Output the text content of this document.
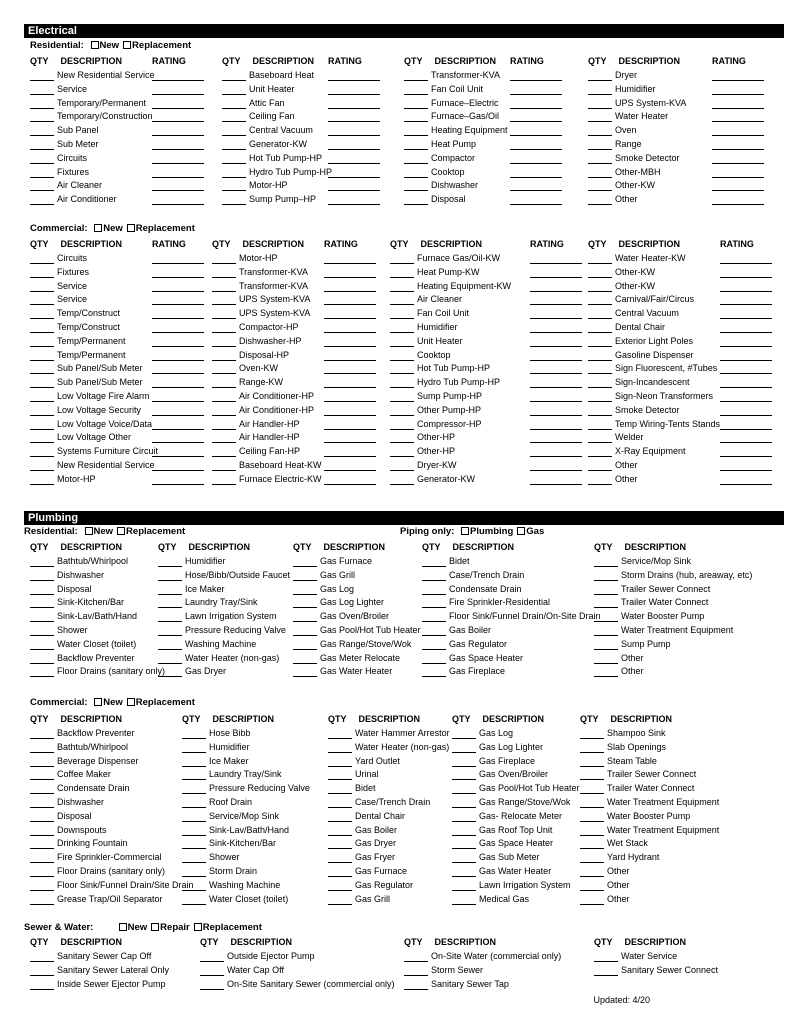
Electrical
Residential: New Replacement
QTY DESCRIPTION	RATING
New Residential Service
Service
Temporary/Permanent
Temporary/Construction
Sub Panel
Sub Meter
Circuits
Fixtures
Air Cleaner
Air Conditioner
QTY DESCRIPTION RATING
Baseboard Heat
Unit Heater
Attic Fan
Ceiling Fan
Central Vacuum
Generator-KW
Hot Tub Pump-HP
Hydro Tub Pump-HP
Motor-HP
Sump Pump–HP
QTY DESCRIPTION RATING
Transformer-KVA
Fan Coil Unit
Furnace–Electric
Furnace–Gas/Oil
Heating Equipment
Heat Pump
Compactor
Cooktop
Dishwasher
Disposal
QTY DESCRIPTION	RATING
Dryer
Humidifier
UPS System-KVA
Water Heater
Oven
Range
Smoke Detector
Other-MBH
Other-KW
Other
Commercial: New Replacement
QTY DESCRIPTION	RATING
Circuits
Fixtures
Service
Service
Temp/Construct
Temp/Construct
Temp/Permanent
Temp/Permanent
Sub Panel/Sub Meter
Sub Panel/Sub Meter
Low Voltage Fire Alarm
Low Voltage Security
Low Voltage Voice/Data
Low Voltage Other
Systems Furniture Circuit
New Residential Service
Motor-HP
QTY DESCRIPTION RATING
Motor-HP
Transformer-KVA
Transformer-KVA
UPS System-KVA
UPS System-KVA
Compactor-HP
Dishwasher-HP
Disposal-HP
Oven-KW
Range-KW
Air Conditioner-HP
Air Conditioner-HP
Air Handler-HP
Air Handler-HP
Ceiling Fan-HP
Baseboard Heat-KW
Furnace Electric-KW
QTY DESCRIPTION	RATING
Furnace Gas/Oil-KW
Heat Pump-KW
Heating Equipment-KW
Air Cleaner
Fan Coil Unit
Humidifier
Unit Heater
Cooktop
Hot Tub Pump-HP
Hydro Tub Pump-HP
Sump Pump-HP
Other Pump-HP
Compressor-HP
Other-HP
Other-HP
Dryer-KW
Generator-KW
QTY DESCRIPTION	RATING
Water Heater-KW
Other-KW
Other-KW
Carnival/Fair/Circus
Central Vacuum
Dental Chair
Exterior Light Poles
Gasoline Dispenser
Sign Fluorescent, #Tubes
Sign-Incandescent
Sign-Neon Transformers
Smoke Detector
Temp Wiring-Tents Stands
Welder
X-Ray Equipment
Other
Other
Plumbing
Residential: New Replacement	Piping only: Plumbing Gas
QTY DESCRIPTION
Bathtub/Whirlpool
Dishwasher
Disposal
Sink-Kitchen/Bar
Sink-Lav/Bath/Hand
Shower
Water Closet (toilet)
Backflow Preventer
Floor Drains (sanitary only)
QTY DESCRIPTION
Humidifier
Hose/Bibb/Outside Faucet
Ice Maker
Laundry Tray/Sink
Lawn Irrigation System
Pressure Reducing Valve
Washing Machine
Water Heater (non-gas)
Gas Dryer
QTY DESCRIPTION
Gas Furnace
Gas Grill
Gas Log
Gas Log Lighter
Gas Oven/Broiler
Gas Pool/Hot Tub Heater
Gas Range/Stove/Wok
Gas Meter Relocate
Gas Water Heater
QTY DESCRIPTION
Bidet
Case/Trench Drain
Condensate Drain
Fire Sprinkler-Residential
Floor Sink/Funnel Drain/On-Site Drain
Gas Boiler
Gas Regulator
Gas Space Heater
Gas Fireplace
QTY DESCRIPTION
Service/Mop Sink
Storm Drains (hub, areaway, etc)
Trailer Sewer Connect
Trailer Water Connect
Water Booster Pump
Water Treatment Equipment
Sump Pump
Other
Other
Commercial: New Replacement
QTY DESCRIPTION
Backflow Preventer
Bathtub/Whirlpool
Beverage Dispenser
Coffee Maker
Condensate Drain
Dishwasher
Disposal
Downspouts
Drinking Fountain
Fire Sprinkler-Commercial
Floor Drains (sanitary only)
Floor Sink/Funnel Drain/Site Drain
Grease Trap/Oil Separator
QTY DESCRIPTION
Hose Bibb
Humidifier
Ice Maker
Laundry Tray/Sink
Pressure Reducing Valve
Roof Drain
Service/Mop Sink
Sink-Lav/Bath/Hand
Sink-Kitchen/Bar
Shower
Storm Drain
Washing Machine
Water Closet (toilet)
QTY DESCRIPTION
Water Hammer Arrestor
Water Heater (non-gas)
Yard Outlet
Urinal
Bidet
Case/Trench Drain
Dental Chair
Gas Boiler
Gas Dryer
Gas Fryer
Gas Furnace
Gas Regulator
Gas Grill
QTY DESCRIPTION
Gas Log
Gas Log Lighter
Gas Fireplace
Gas Oven/Broiler
Gas Pool/Hot Tub Heater
Gas Range/Stove/Wok
Gas- Relocate Meter
Gas Roof Top Unit
Gas Space Heater
Gas Sub Meter
Gas Water Heater
Lawn Irrigation System
Medical Gas
QTY DESCRIPTION
Shampoo Sink
Slab Openings
Steam Table
Trailer Sewer Connect
Trailer Water Connect
Water Treatment Equipment
Water Booster Pump
Water Treatment Equipment
Wet Stack
Yard Hydrant
Other
Other
Other
Sewer & Water:	New Repair Replacement
QTY DESCRIPTION
Sanitary Sewer Cap Off
Sanitary Sewer Lateral Only
Inside Sewer Ejector Pump
QTY DESCRIPTION
Outside Ejector Pump
Water Cap Off
On-Site Sanitary Sewer (commercial only)
QTY DESCRIPTION
On-Site Water (commercial only)
Storm Sewer
Sanitary Sewer Tap
QTY DESCRIPTION
Water Service
Sanitary Sewer Connect
Updated: 4/20
